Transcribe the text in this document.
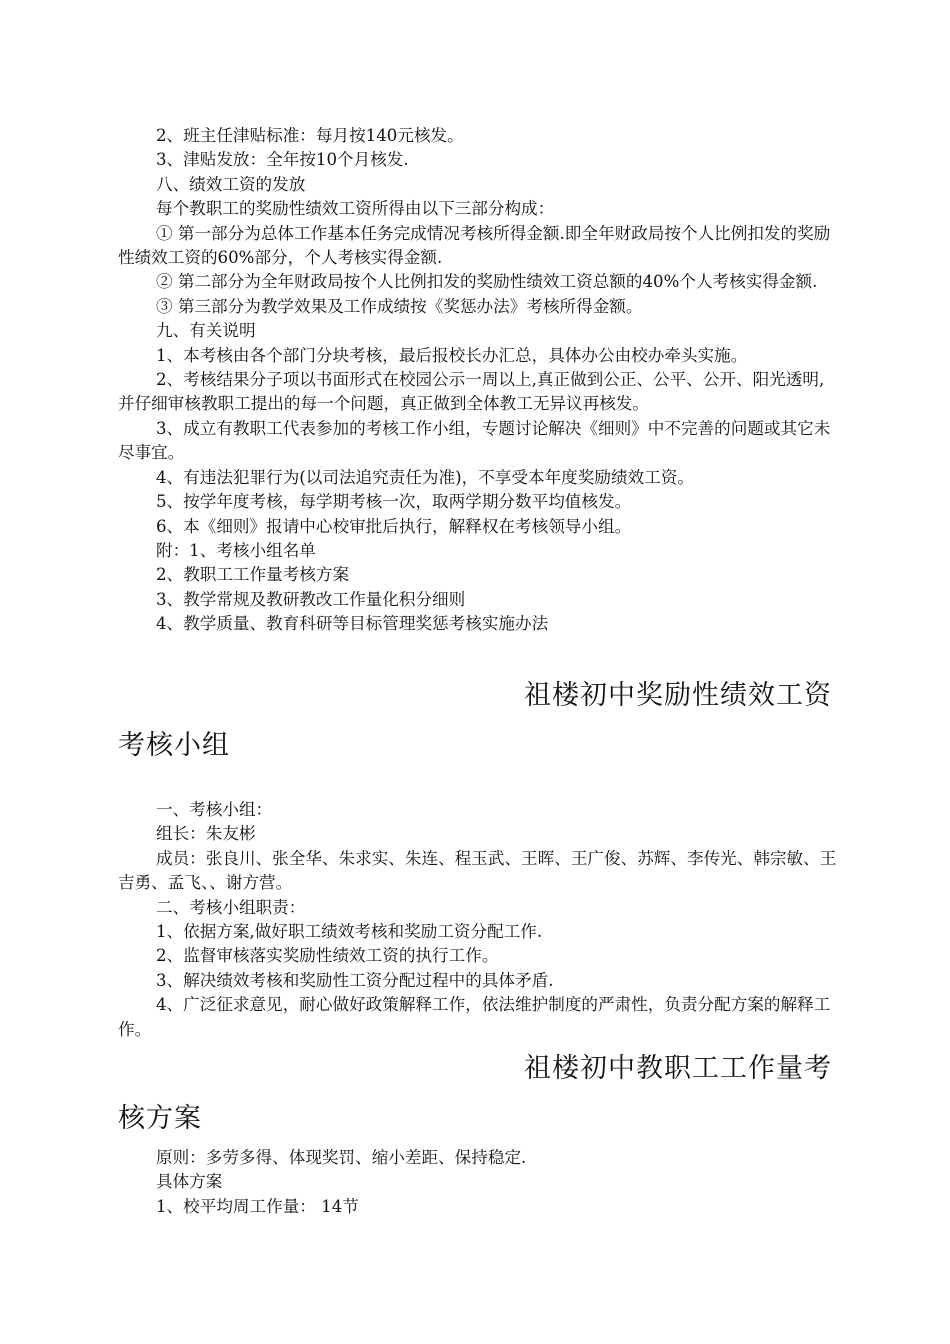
2、班主任津贴标准：每月按140元核发。

3、津贴发放：全年按10个月核发.

八、绩效工资的发放

每个教职工的奖励性绩效工资所得由以下三部分构成：

① 第一部分为总体工作基本任务完成情况考核所得金额.即全年财政局按个人比例扣发的奖励性绩效工资的60%部分，个人考核实得金额.

② 第二部分为全年财政局按个人比例扣发的奖励性绩效工资总额的40%个人考核实得金额.

③ 第三部分为教学效果及工作成绩按《奖惩办法》考核所得金额。

九、有关说明

1、本考核由各个部门分块考核，最后报校长办汇总，具体办公由校办牵头实施。

2、考核结果分子项以书面形式在校园公示一周以上,真正做到公正、公平、公开、阳光透明,并仔细审核教职工提出的每一个问题，真正做到全体教工无异议再核发。

3、成立有教职工代表参加的考核工作小组，专题讨论解决《细则》中不完善的问题或其它未尽事宜。

4、有违法犯罪行为(以司法追究责任为准)，不享受本年度奖励绩效工资。

5、按学年度考核，每学期考核一次，取两学期分数平均值核发。

6、本《细则》报请中心校审批后执行，解释权在考核领导小组。

附：1、考核小组名单

2、教职工工作量考核方案

3、教学常规及教研教改工作量化积分细则

4、教学质量、教育科研等目标管理奖惩考核实施办法

祖楼初中奖励性绩效工资

考核小组

一、考核小组：

组长：朱友彬

成员：张良川、张全华、朱求实、朱连、程玉武、王晖、王广俊、苏辉、李传光、韩宗敏、王吉勇、孟飞、、谢方营。

二、考核小组职责：

1、依据方案,做好职工绩效考核和奖励工资分配工作.

2、监督审核落实奖励性绩效工资的执行工作。

3、解决绩效考核和奖励性工资分配过程中的具体矛盾.

4、广泛征求意见，耐心做好政策解释工作，依法维护制度的严肃性，负责分配方案的解释工作。

祖楼初中教职工工作量考

核方案

原则：多劳多得、体现奖罚、缩小差距、保持稳定.

具体方案

1、校平均周工作量： 14节
